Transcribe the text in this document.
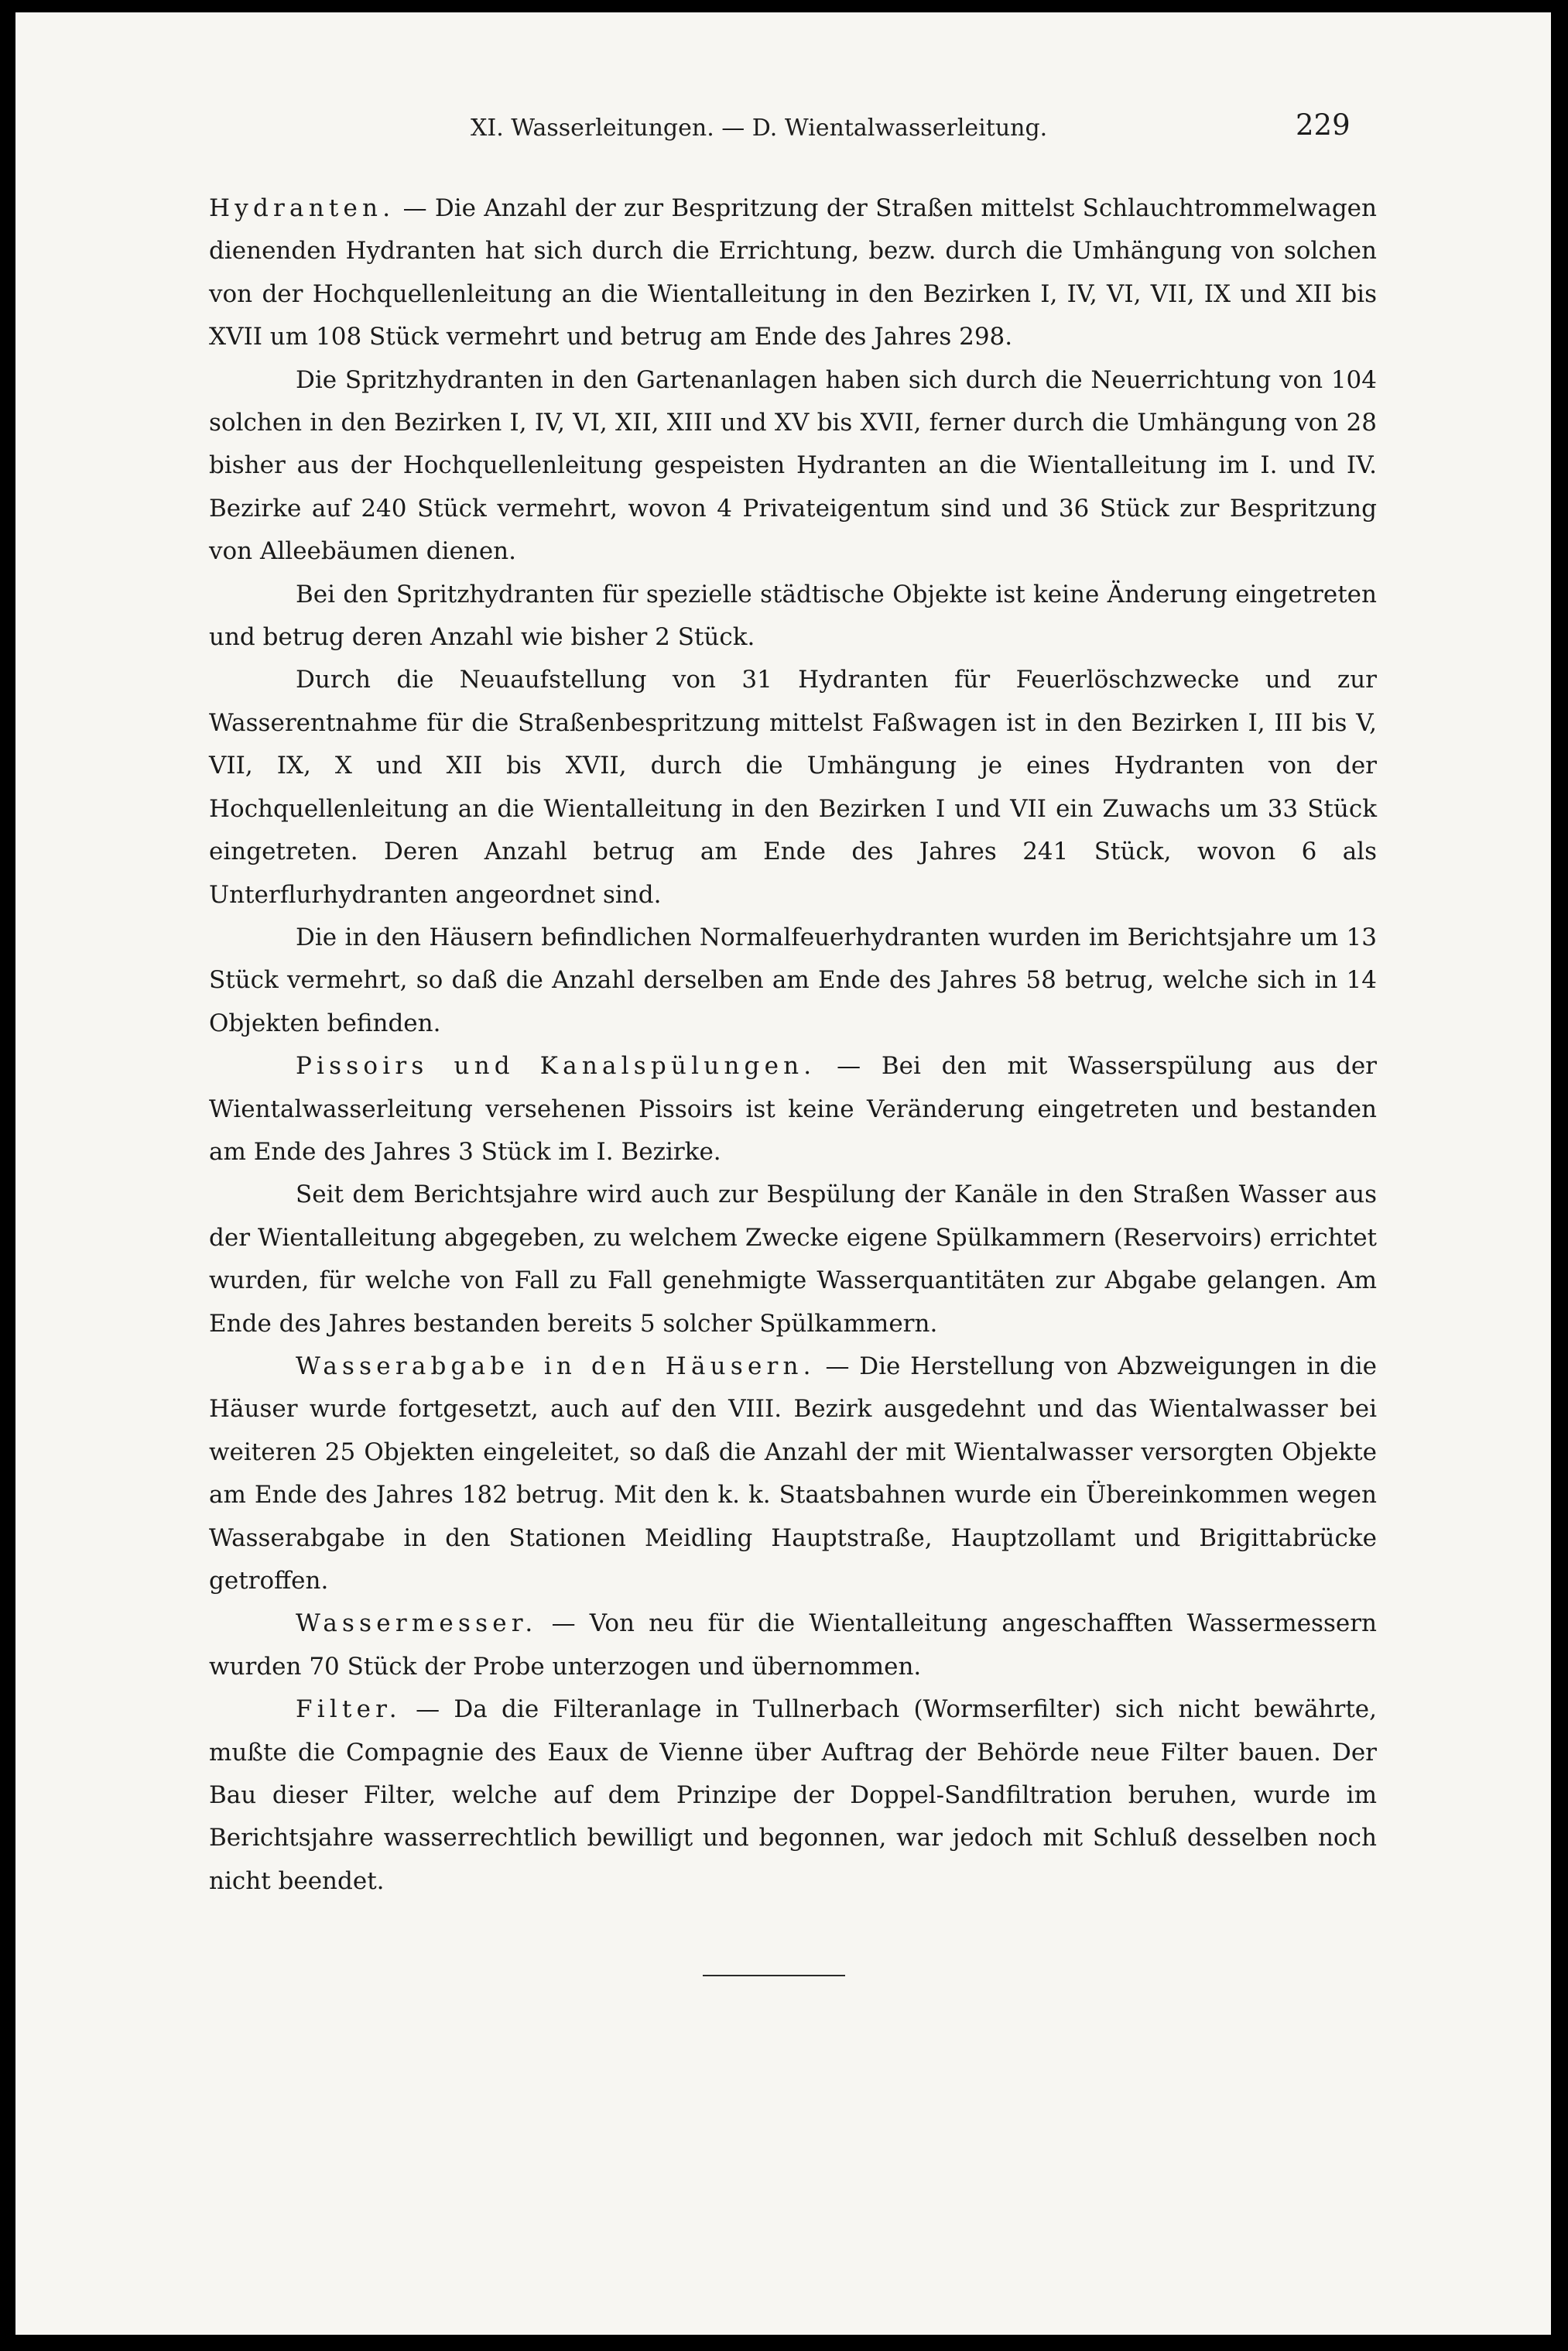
XI. Wasserleitungen. — D. Wientalwasserleitung.	229

Hydranten. — Die Anzahl der zur Bespritzung der Straßen mittelst Schlauchtrommelwagen dienenden Hydranten hat sich durch die Errichtung, bezw. durch die Umhängung von solchen von der Hochquellenleitung an die Wientalleitung in den Bezirken I, IV, VI, VII, IX und XII bis XVII um 108 Stück vermehrt und betrug am Ende des Jahres 298.

Die Spritzhydranten in den Gartenanlagen haben sich durch die Neuerrichtung von 104 solchen in den Bezirken I, IV, VI, XII, XIII und XV bis XVII, ferner durch die Umhängung von 28 bisher aus der Hochquellenleitung gespeisten Hydranten an die Wientalleitung im I. und IV. Bezirke auf 240 Stück vermehrt, wovon 4 Privateigentum sind und 36 Stück zur Bespritzung von Alleebäumen dienen.

Bei den Spritzhydranten für spezielle städtische Objekte ist keine Änderung eingetreten und betrug deren Anzahl wie bisher 2 Stück.

Durch die Neuaufstellung von 31 Hydranten für Feuerlöschzwecke und zur Wasserentnahme für die Straßenbespritzung mittelst Faßwagen ist in den Bezirken I, III bis V, VII, IX, X und XII bis XVII, durch die Umhängung je eines Hydranten von der Hochquellenleitung an die Wientalleitung in den Bezirken I und VII ein Zuwachs um 33 Stück eingetreten. Deren Anzahl betrug am Ende des Jahres 241 Stück, wovon 6 als Unterflurhydranten angeordnet sind.

Die in den Häusern befindlichen Normalfeuerhydranten wurden im Berichtsjahre um 13 Stück vermehrt, so daß die Anzahl derselben am Ende des Jahres 58 betrug, welche sich in 14 Objekten befinden.

Pissoirs und Kanalspülungen. — Bei den mit Wasserspülung aus der Wientalwasserleitung versehenen Pissoirs ist keine Veränderung eingetreten und bestanden am Ende des Jahres 3 Stück im I. Bezirke.

Seit dem Berichtsjahre wird auch zur Bespülung der Kanäle in den Straßen Wasser aus der Wientalleitung abgegeben, zu welchem Zwecke eigene Spülkammern (Reservoirs) errichtet wurden, für welche von Fall zu Fall genehmigte Wasserquantitäten zur Abgabe gelangen. Am Ende des Jahres bestanden bereits 5 solcher Spülkammern.

Wasserabgabe in den Häusern. — Die Herstellung von Abzweigungen in die Häuser wurde fortgesetzt, auch auf den VIII. Bezirk ausgedehnt und das Wientalwasser bei weiteren 25 Objekten eingeleitet, so daß die Anzahl der mit Wientalwasser versorgten Objekte am Ende des Jahres 182 betrug. Mit den k. k. Staatsbahnen wurde ein Übereinkommen wegen Wasserabgabe in den Stationen Meidling Hauptstraße, Hauptzollamt und Brigittabrücke getroffen.

Wassermesser. — Von neu für die Wientalleitung angeschafften Wassermessern wurden 70 Stück der Probe unterzogen und übernommen.

Filter. — Da die Filteranlage in Tullnerbach (Wormserfilter) sich nicht bewährte, mußte die Compagnie des Eaux de Vienne über Auftrag der Behörde neue Filter bauen. Der Bau dieser Filter, welche auf dem Prinzipe der Doppel-Sandfiltration beruhen, wurde im Berichtsjahre wasserrechtlich bewilligt und begonnen, war jedoch mit Schluß desselben noch nicht beendet.
